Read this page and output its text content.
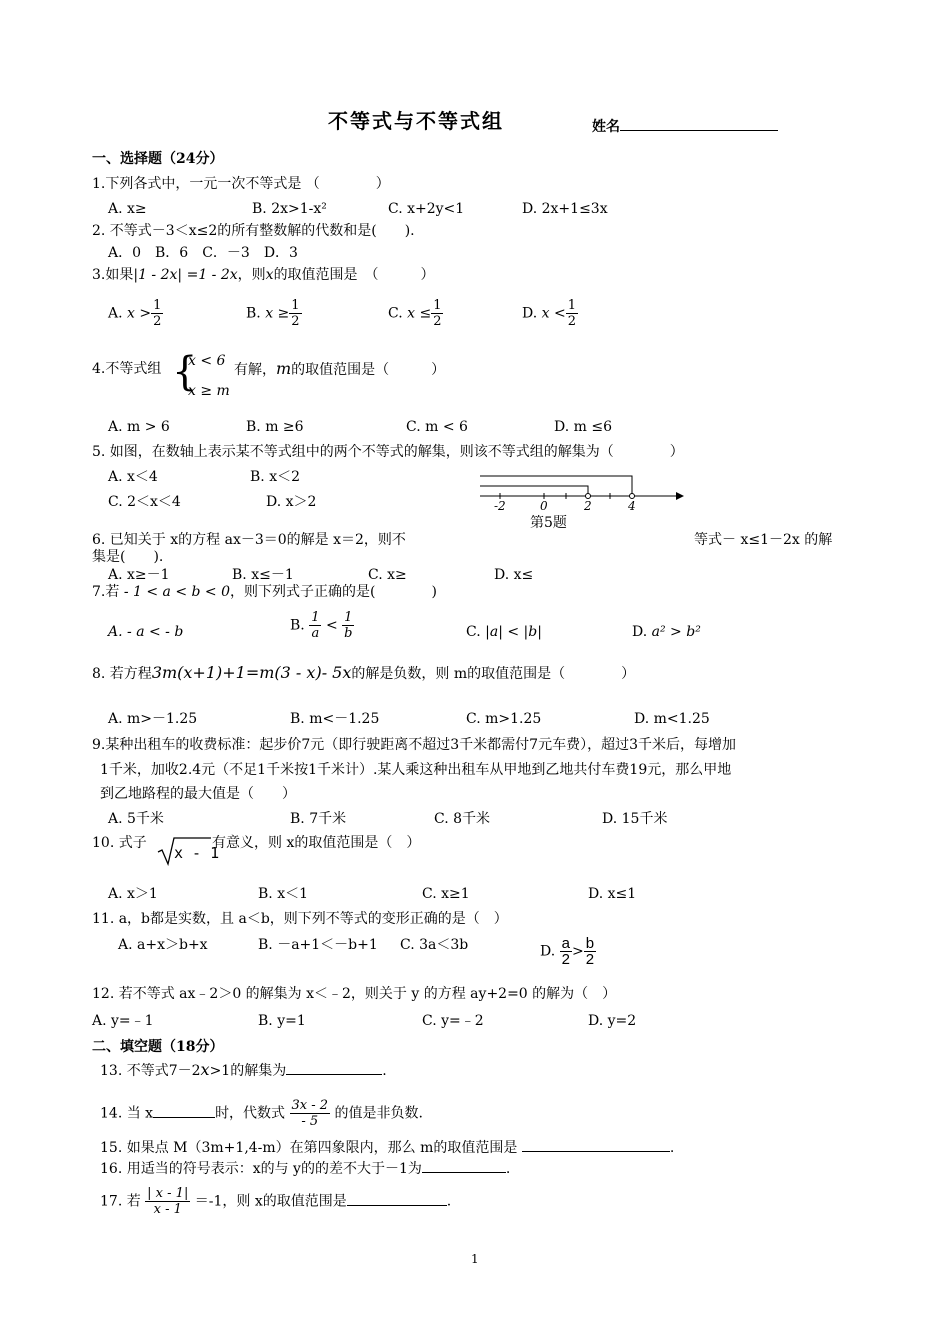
不等式与不等式组	姓名
一、选择题（24分）
1.下列各式中，一元一次不等式是 （　　　　）
A. x≥	B. 2x>1-x²	C. x+2y<1	D. 2x+1≤3x
2. 不等式－3＜x≤2的所有整数解的代数和是(　　).
A．0　B．6　C．－3　D．3
3.如果|1 - 2x| =1 - 2x，则x的取值范围是　（　　　）
A. $x > \frac{1}{2}$	B. $x \ge \frac{1}{2}$	C. $x \le \frac{1}{2}$	D. $x < \frac{1}{2}$
4.不等式组 {
x < 6
x ≥ m
有解，m的取值范围是（　　　）
A. m > 6	B. m ≥6	C. m < 6	D. m ≤6
5. 如图，在数轴上表示某不等式组中的两个不等式的解集，则该不等式组的解集为（　　　　）
A. x＜4	B. x＜2
C. 2＜x＜4	D. x＞2	-2	0	2	4
第5题
6. 已知关于 x的方程 ax－3＝0的解是 x＝2，则不	等式－ x≤1－2x 的解
集是(　　).
A. x≥－1	B. x≤－1	C. x≥	D. x≤
7.若 - 1 < a < b < 0，则下列式子正确的是(　　　　)
A. - a < - b	B. $\frac{1}{a} < \frac{1}{b}$	C. |a| < |b|	D. a² > b²
8. 若方程3m(x+1)+1=m(3 - x)- 5x的解是负数，则 m的取值范围是（　　　　）
A. m>－1.25	B. m<－1.25	C. m>1.25	D. m<1.25
9.某种出租车的收费标准：起步价7元（即行驶距离不超过3千米都需付7元车费），超过3千米后，每增加
1千米，加收2.4元（不足1千米按1千米计）.某人乘这种出租车从甲地到乙地共付车费19元，那么甲地
到乙地路程的最大值是（　　）
A. 5千米	B. 7千米	C. 8千米	D. 15千米
10. 式子
x - 1
有意义，则 x的取值范围是（　）
A. x＞1	B. x＜1	C. x≥1	D. x≤1
11. a，b都是实数，且 a＜b，则下列不等式的变形正确的是（　）
A. a+x＞b+x	B. －a+1＜－b+1 C. 3a＜3b	D. $\frac{a}{2} > \frac{b}{2}$
12. 若不等式 ax﹣2＞0 的解集为 x＜﹣2，则关于 y 的方程 ay+2=0 的解为（　）
A. y=﹣1	B. y=1	C. y=﹣2	D. y=2
二、填空题（18分）
13. 不等式7－2x>1的解集为	.
14. 当 x	时，代数式 $\frac{3x - 2}{- 5}$ 的值是非负数.
15. 如果点 M（3m+1,4-m）在第四象限内，那么 m的取值范围是	.
16. 用适当的符号表示：x的与 y的的差不大于－1为	.
17. 若 $\frac{| x - 1|}{x - 1} =-1$，则 x的取值范围是	.
1
